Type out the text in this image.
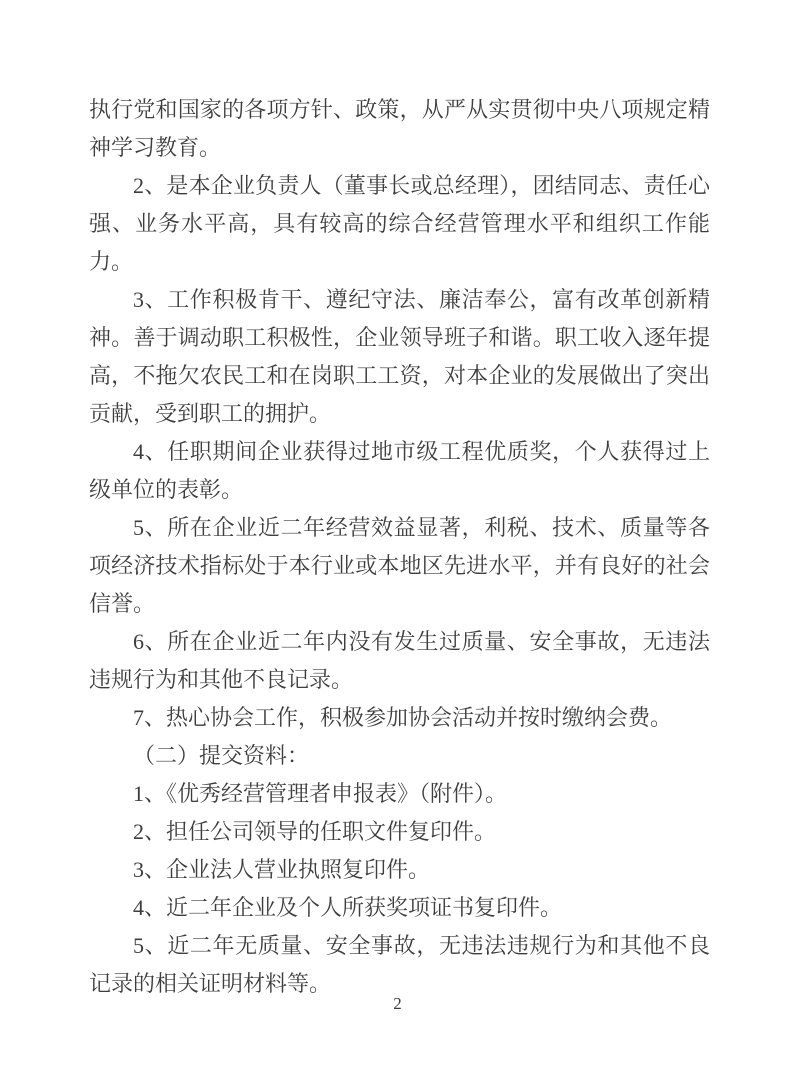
执行党和国家的各项方针、政策，从严从实贯彻中央八项规定精神学习教育。

2、是本企业负责人（董事长或总经理），团结同志、责任心强、业务水平高，具有较高的综合经营管理水平和组织工作能力。

3、工作积极肯干、遵纪守法、廉洁奉公，富有改革创新精神。善于调动职工积极性，企业领导班子和谐。职工收入逐年提高，不拖欠农民工和在岗职工工资，对本企业的发展做出了突出贡献，受到职工的拥护。

4、任职期间企业获得过地市级工程优质奖，个人获得过上级单位的表彰。

5、所在企业近二年经营效益显著，利税、技术、质量等各项经济技术指标处于本行业或本地区先进水平，并有良好的社会信誉。

6、所在企业近二年内没有发生过质量、安全事故，无违法违规行为和其他不良记录。

7、热心协会工作，积极参加协会活动并按时缴纳会费。

（二）提交资料：

1、《优秀经营管理者申报表》（附件）。

2、担任公司领导的任职文件复印件。

3、企业法人营业执照复印件。

4、近二年企业及个人所获奖项证书复印件。

5、近二年无质量、安全事故，无违法违规行为和其他不良记录的相关证明材料等。

2
